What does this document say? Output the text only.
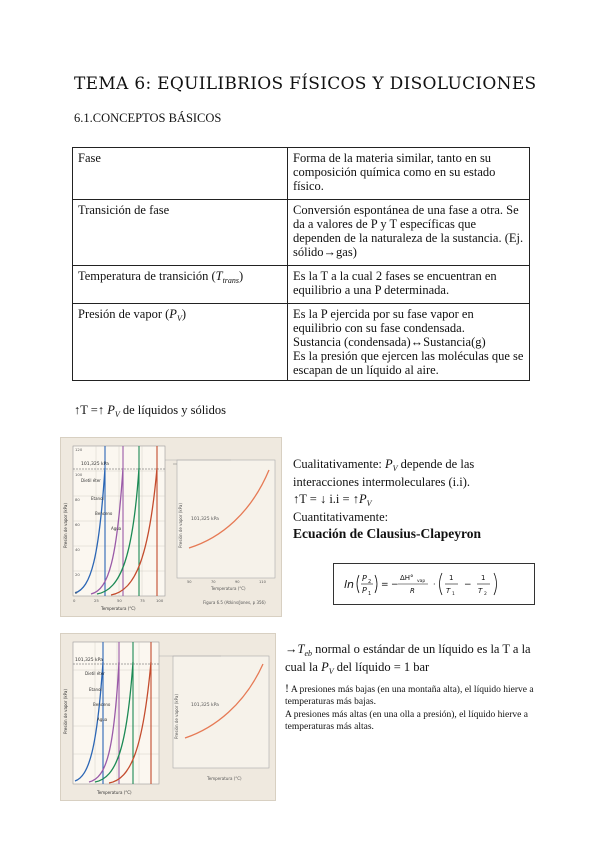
TEMA 6: EQUILIBRIOS FÍSICOS Y DISOLUCIONES
6.1.CONCEPTOS BÁSICOS
Fase	Forma de la materia similar, tanto en su composición química como en su estado físico.
Transición de fase	Conversión espontánea de una fase a otra. Se da a valores de P y T específicas que dependen de la naturaleza de la sustancia. (Ej. sólido→gas)
Temperatura de transición $(T_{trans})$	Es la T a la cual 2 fases se encuentran en equilibrio a una P determinada.
Presión de vapor $(P_V)$	Es la P ejercida por su fase vapor en equilibrio con su fase condensada.
Sustancia (condensada)↔Sustancia(g)
Es la presión que ejercen las moléculas que se escapan de un líquido al aire.
↑T =↑ $P_V$ de líquidos y sólidos
120
100
80
60
40
20
0
0	25	50	75	100
101,325 kPa
Dietil éter
Etanol
Benceno
Agua
Presión de vapor (kPa)
Temperatura (°C)
101,325 kPa
Presión de vapor (kPa)
Temperatura (°C)
50	70	90	110
Figura 6.5 (Atkins/Jones, p 356)
Cualitativamente: $P_V$ depende de las interacciones intermoleculares (i.i).
↑T = ↓ $i.i = ↑P_V$
Cuantitativamente:
Ecuación de Clausius-Clapeyron
ln P 2
P 1
= −
ΔH° vap
R
·
1
T 1
−
1
T 2
101,325 kPa
Dietil éter
Etanol
Benceno
Agua
Presión de vapor (kPa)
Temperatura (°C)
101,325 kPa
Presión de vapor (kPa)
Temperatura (°C)
$\to T_{eb}$ normal o estándar de un líquido es la T a la cual la $P_V$ del líquido = 1 bar
! A presiones más bajas (en una montaña alta), el líquido hierve a temperaturas más bajas.
A presiones más altas (en una olla a presión), el líquido hierve a temperaturas más altas.
